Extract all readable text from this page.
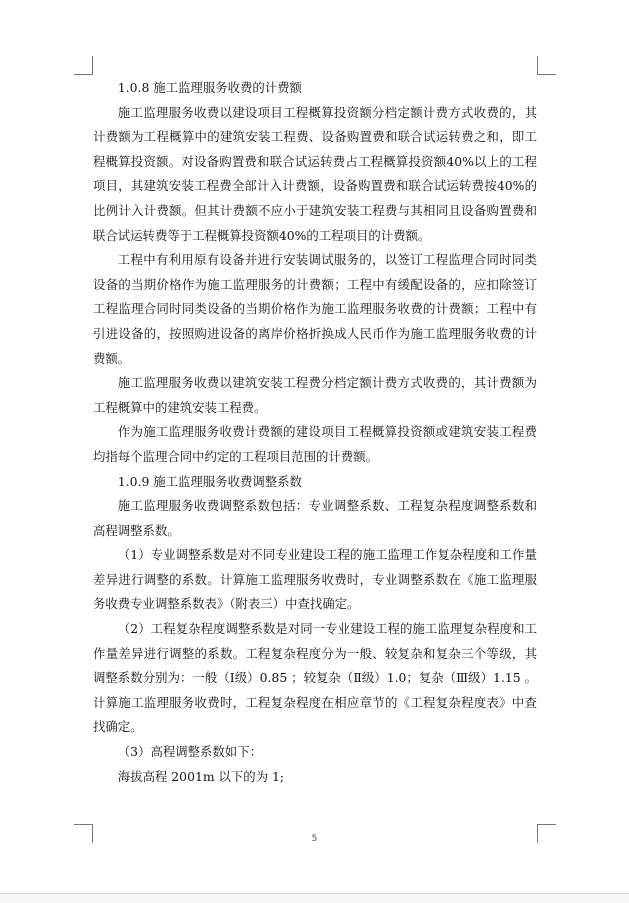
1.0.8 施工监理服务收费的计费额

施工监理服务收费以建设项目工程概算投资额分档定额计费方式收费的，其计费额为工程概算中的建筑安装工程费、设备购置费和联合试运转费之和，即工程概算投资额。对设备购置费和联合试运转费占工程概算投资额40%以上的工程项目，其建筑安装工程费全部计入计费额，设备购置费和联合试运转费按40%的比例计入计费额。但其计费额不应小于建筑安装工程费与其相同且设备购置费和联合试运转费等于工程概算投资额40%的工程项目的计费额。

工程中有利用原有设备并进行安装调试服务的，以签订工程监理合同时同类设备的当期价格作为施工监理服务的计费额；工程中有缓配设备的，应扣除签订工程监理合同时同类设备的当期价格作为施工监理服务收费的计费额；工程中有引进设备的，按照购进设备的离岸价格折换成人民币作为施工监理服务收费的计费额。

施工监理服务收费以建筑安装工程费分档定额计费方式收费的，其计费额为工程概算中的建筑安装工程费。

作为施工监理服务收费计费额的建设项目工程概算投资额或建筑安装工程费均指每个监理合同中约定的工程项目范围的计费额。

1.0.9 施工监理服务收费调整系数

施工监理服务收费调整系数包括：专业调整系数、工程复杂程度调整系数和高程调整系数。

（1）专业调整系数是对不同专业建设工程的施工监理工作复杂程度和工作量差异进行调整的系数。计算施工监理服务收费时，专业调整系数在《施工监理服务收费专业调整系数表》（附表三）中查找确定。

（2）工程复杂程度调整系数是对同一专业建设工程的施工监理复杂程度和工作量差异进行调整的系数。工程复杂程度分为一般、较复杂和复杂三个等级，其调整系数分别为：一般（Ⅰ级）0.85 ；较复杂（Ⅱ级）1.0；复杂（Ⅲ级）1.15 。计算施工监理服务收费时，工程复杂程度在相应章节的《工程复杂程度表》中查找确定。

（3）高程调整系数如下：

海拔高程 2001m 以下的为 1;

5
